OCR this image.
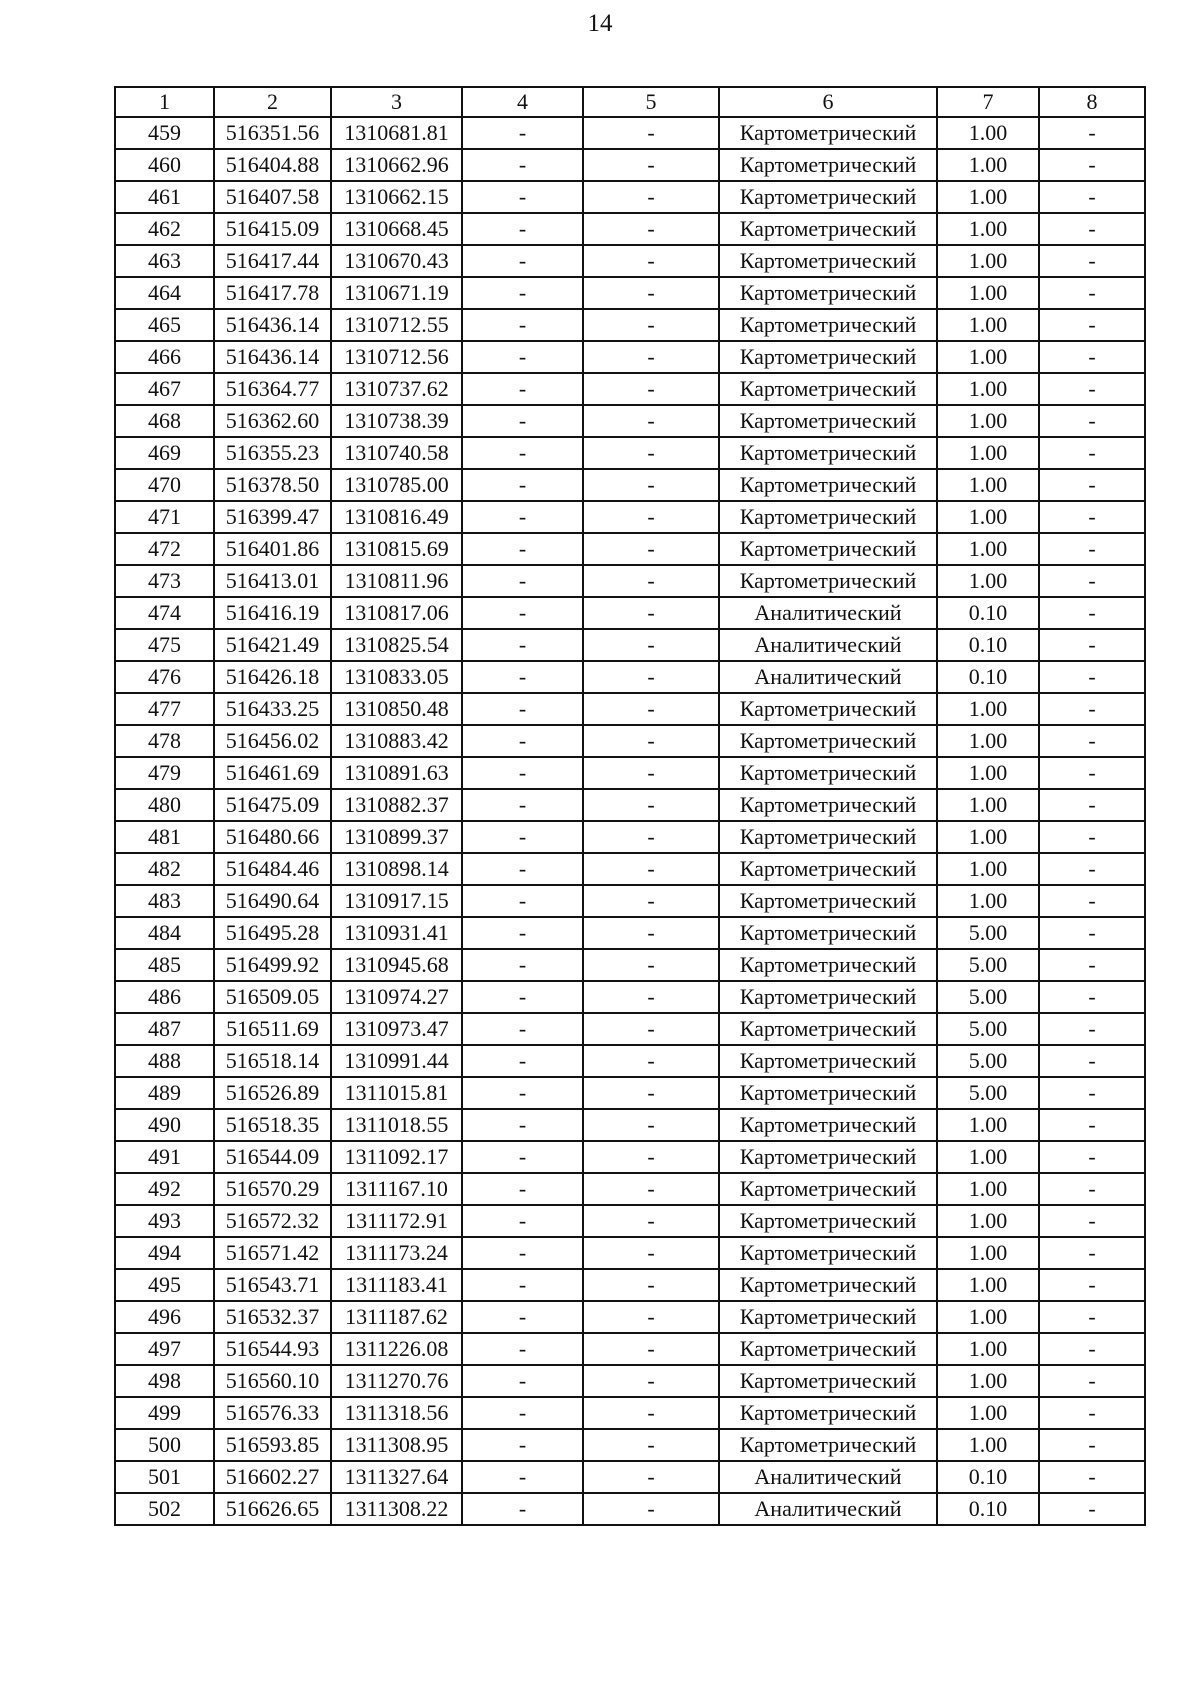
14
1	2	3	4	5	6	7	8
459	516351.56	1310681.81	-	-	Картометрический	1.00	-
460	516404.88	1310662.96	-	-	Картометрический	1.00	-
461	516407.58	1310662.15	-	-	Картометрический	1.00	-
462	516415.09	1310668.45	-	-	Картометрический	1.00	-
463	516417.44	1310670.43	-	-	Картометрический	1.00	-
464	516417.78	1310671.19	-	-	Картометрический	1.00	-
465	516436.14	1310712.55	-	-	Картометрический	1.00	-
466	516436.14	1310712.56	-	-	Картометрический	1.00	-
467	516364.77	1310737.62	-	-	Картометрический	1.00	-
468	516362.60	1310738.39	-	-	Картометрический	1.00	-
469	516355.23	1310740.58	-	-	Картометрический	1.00	-
470	516378.50	1310785.00	-	-	Картометрический	1.00	-
471	516399.47	1310816.49	-	-	Картометрический	1.00	-
472	516401.86	1310815.69	-	-	Картометрический	1.00	-
473	516413.01	1310811.96	-	-	Картометрический	1.00	-
474	516416.19	1310817.06	-	-	Аналитический	0.10	-
475	516421.49	1310825.54	-	-	Аналитический	0.10	-
476	516426.18	1310833.05	-	-	Аналитический	0.10	-
477	516433.25	1310850.48	-	-	Картометрический	1.00	-
478	516456.02	1310883.42	-	-	Картометрический	1.00	-
479	516461.69	1310891.63	-	-	Картометрический	1.00	-
480	516475.09	1310882.37	-	-	Картометрический	1.00	-
481	516480.66	1310899.37	-	-	Картометрический	1.00	-
482	516484.46	1310898.14	-	-	Картометрический	1.00	-
483	516490.64	1310917.15	-	-	Картометрический	1.00	-
484	516495.28	1310931.41	-	-	Картометрический	5.00	-
485	516499.92	1310945.68	-	-	Картометрический	5.00	-
486	516509.05	1310974.27	-	-	Картометрический	5.00	-
487	516511.69	1310973.47	-	-	Картометрический	5.00	-
488	516518.14	1310991.44	-	-	Картометрический	5.00	-
489	516526.89	1311015.81	-	-	Картометрический	5.00	-
490	516518.35	1311018.55	-	-	Картометрический	1.00	-
491	516544.09	1311092.17	-	-	Картометрический	1.00	-
492	516570.29	1311167.10	-	-	Картометрический	1.00	-
493	516572.32	1311172.91	-	-	Картометрический	1.00	-
494	516571.42	1311173.24	-	-	Картометрический	1.00	-
495	516543.71	1311183.41	-	-	Картометрический	1.00	-
496	516532.37	1311187.62	-	-	Картометрический	1.00	-
497	516544.93	1311226.08	-	-	Картометрический	1.00	-
498	516560.10	1311270.76	-	-	Картометрический	1.00	-
499	516576.33	1311318.56	-	-	Картометрический	1.00	-
500	516593.85	1311308.95	-	-	Картометрический	1.00	-
501	516602.27	1311327.64	-	-	Аналитический	0.10	-
502	516626.65	1311308.22	-	-	Аналитический	0.10	-
